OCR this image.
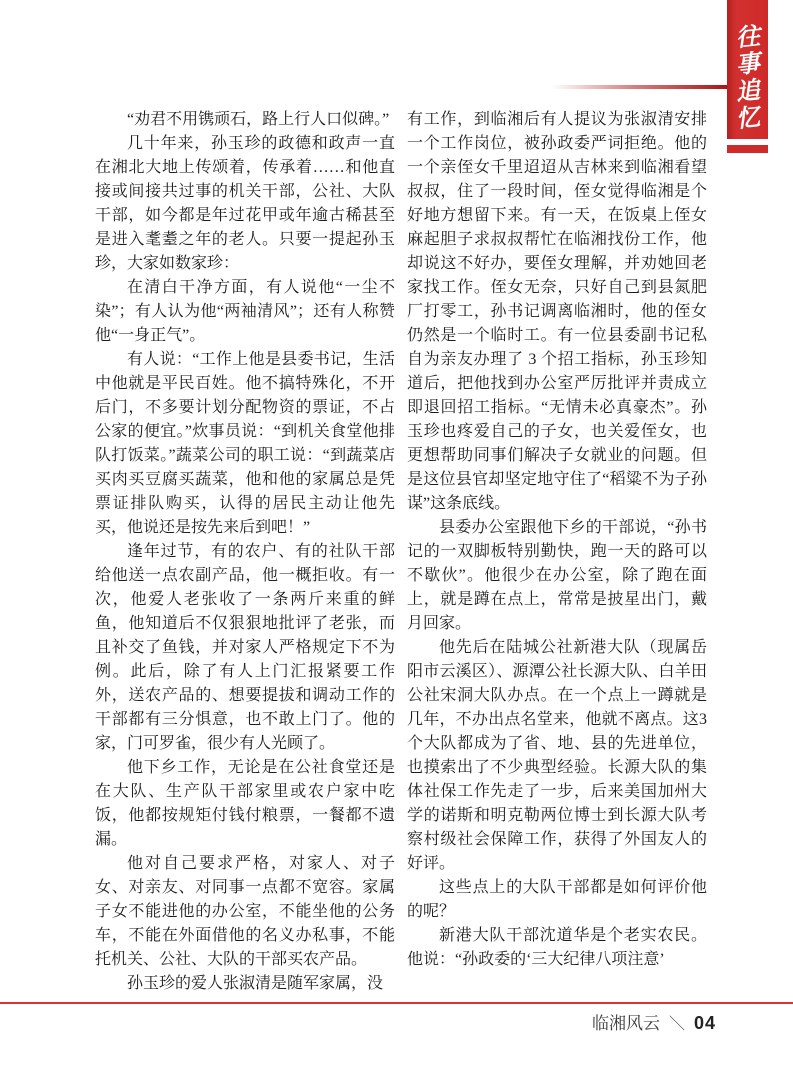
往
事
追
忆

“劝君不用镌顽石，路上行人口似碑。”

几十年来，孙玉珍的政德和政声一直在湘北大地上传颂着，传承着……和他直接或间接共过事的机关干部，公社、大队干部，如今都是年过花甲或年逾古稀甚至是进入耄耋之年的老人。只要一提起孙玉珍，大家如数家珍：

在清白干净方面，有人说他“一尘不染”；有人认为他“两袖清风”；还有人称赞他“一身正气”。

有人说：“工作上他是县委书记，生活中他就是平民百姓。他不搞特殊化，不开后门，不多要计划分配物资的票证，不占公家的便宜。”炊事员说：“到机关食堂他排队打饭菜。”蔬菜公司的职工说：“到蔬菜店买肉买豆腐买蔬菜，他和他的家属总是凭票证排队购买，认得的居民主动让他先买，他说还是按先来后到吧！”

逢年过节，有的农户、有的社队干部给他送一点农副产品，他一概拒收。有一次，他爱人老张收了一条两斤来重的鲜鱼，他知道后不仅狠狠地批评了老张，而且补交了鱼钱，并对家人严格规定下不为例。此后，除了有人上门汇报紧要工作外，送农产品的、想要提拔和调动工作的干部都有三分惧意，也不敢上门了。他的家，门可罗雀，很少有人光顾了。

他下乡工作，无论是在公社食堂还是在大队、生产队干部家里或农户家中吃饭，他都按规矩付钱付粮票，一餐都不遗漏。

他对自己要求严格，对家人、对子女、对亲友、对同事一点都不宽容。家属子女不能进他的办公室，不能坐他的公务车，不能在外面借他的名义办私事，不能托机关、公社、大队的干部买农产品。

孙玉珍的爱人张淑清是随军家属，没

有工作，到临湘后有人提议为张淑清安排一个工作岗位，被孙政委严词拒绝。他的一个亲侄女千里迢迢从吉林来到临湘看望叔叔，住了一段时间，侄女觉得临湘是个好地方想留下来。有一天，在饭桌上侄女麻起胆子求叔叔帮忙在临湘找份工作，他却说这不好办，要侄女理解，并劝她回老家找工作。侄女无奈，只好自己到县氮肥厂打零工，孙书记调离临湘时，他的侄女仍然是一个临时工。有一位县委副书记私自为亲友办理了 3 个招工指标，孙玉珍知道后，把他找到办公室严厉批评并责成立即退回招工指标。“无情未必真豪杰”。孙玉珍也疼爱自己的子女，也关爱侄女，也更想帮助同事们解决子女就业的问题。但是这位县官却坚定地守住了“稻粱不为子孙谋”这条底线。

县委办公室跟他下乡的干部说，“孙书记的一双脚板特别勤快，跑一天的路可以不歇伙”。他很少在办公室，除了跑在面上，就是蹲在点上，常常是披星出门，戴月回家。

他先后在陆城公社新港大队（现属岳阳市云溪区）、源潭公社长源大队、白羊田公社宋洞大队办点。在一个点上一蹲就是几年，不办出点名堂来，他就不离点。这3个大队都成为了省、地、县的先进单位，也摸索出了不少典型经验。长源大队的集体社保工作先走了一步，后来美国加州大学的诺斯和明克勒两位博士到长源大队考察村级社会保障工作，获得了外国友人的好评。

这些点上的大队干部都是如何评价他的呢？

新港大队干部沈道华是个老实农民。他说：“孙政委的‘三大纪律八项注意’

临湘风云 ＼ 04
